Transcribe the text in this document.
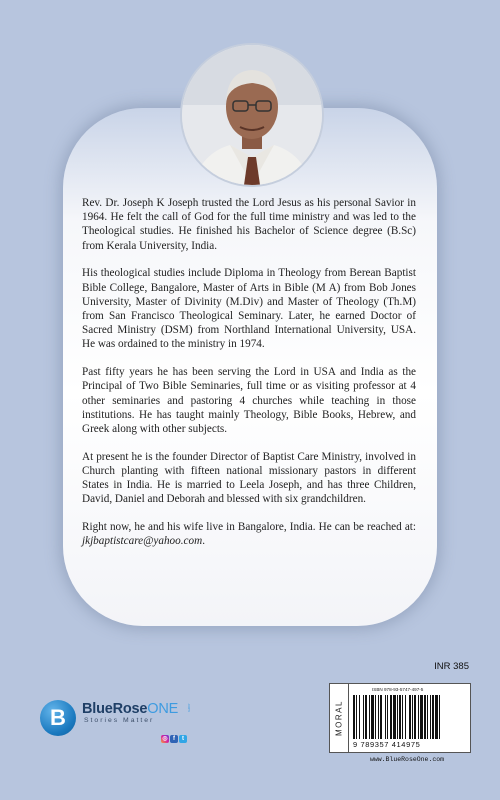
Rev. Dr. Joseph K Joseph trusted the Lord Jesus as his personal Savior in 1964. He felt the call of God for the full time ministry and was led to the Theological studies. He finished his Bachelor of Science degree (B.Sc) from Kerala University, India.

His theological studies include Diploma in Theology from Berean Baptist Bible College, Bangalore, Master of Arts in Bible (M A) from Bob Jones University, Master of Divinity (M.Div) and Master of Theology (Th.M) from San Francisco Theological Seminary. Later, he earned Doctor of Sacred Ministry (DSM) from Northland International University, USA. He was ordained to the ministry in 1974.

Past fifty years he has been serving the Lord in USA and India as the Principal of Two Bible Seminaries, full time or as visiting professor at 4 other seminaries and pastoring 4 churches while teaching in those institutions. He has taught mainly Theology, Bible Books, Hebrew, and Greek along with other subjects.

At present he is the founder Director of Baptist Care Ministry, involved in Church planting with fifteen national missionary pastors in different States in India. He is married to Leela Joseph, and has three Children, David, Daniel and Deborah and blessed with six grandchildren.

Right now, he and his wife live in Bangalore, India. He can be reached at: jkjbaptistcare@yahoo.com.

B	BlueRoseONE .com
Stories Matter
◎ f t
INR 385
MORAL
ISBN 978-93-5747-497-5
9 789357 414975
www.BlueRoseOne.com
